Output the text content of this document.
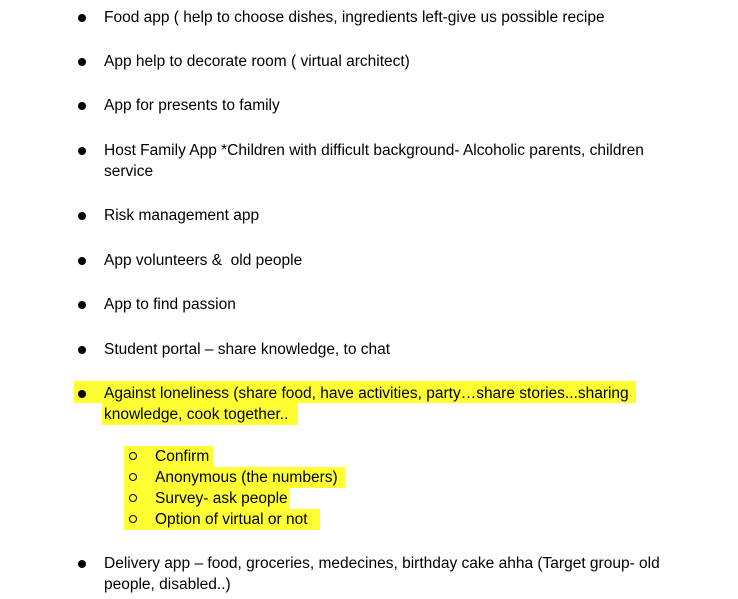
Food app ( help to choose dishes, ingredients left-give us possible recipe
App help to decorate room ( virtual architect)
App for presents to family
Host Family App *Children with difficult background- Alcoholic parents, children
service
Risk management app
App volunteers &  old people
App to find passion
Student portal – share knowledge, to chat
Against loneliness (share food, have activities, party…share stories...sharing
knowledge, cook together..
Confirm
Anonymous (the numbers)
Survey- ask people
Option of virtual or not
Delivery app – food, groceries, medecines, birthday cake ahha (Target group- old
people, disabled..)
